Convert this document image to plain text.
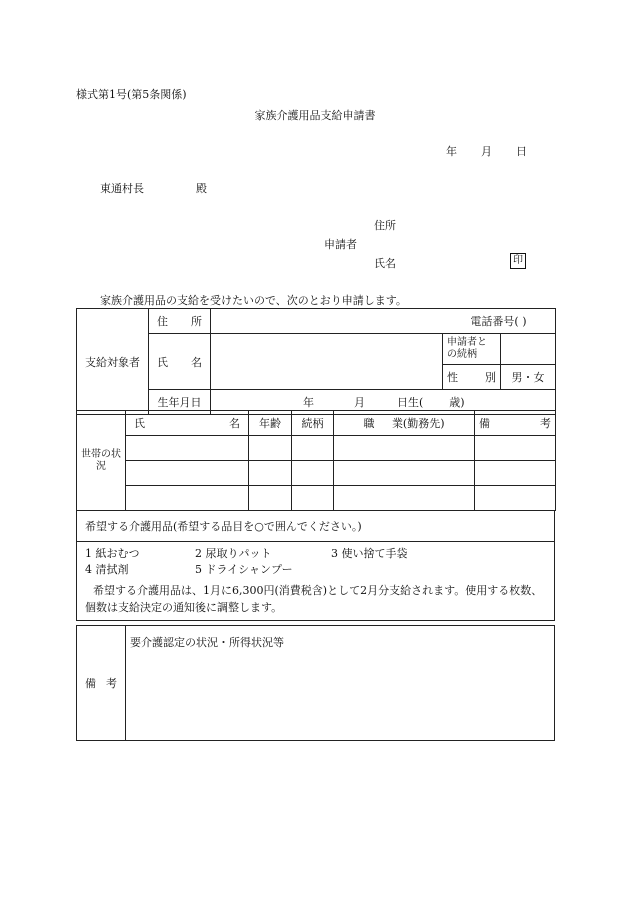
様式第1号(第5条関係)
家族介護用品支給申請書
年 月 日
東通村長	殿
住所
申請者
氏名	印
家族介護用品の支給を受けたいので、次のとおり申請します。
支給対象者	住 所	電話番号( )		

	氏 名		申請者との続柄	

			性 別	男・女
	生年月日	年 月 日生( 歳)		
世帯の状況	氏 名	年齢	続柄	職 業(勤務先)	備 考

希望する介護用品(希望する品目を○で囲んでください。)

1 紙おむつ	2 尿取りパット	3 使い捨て手袋
4 清拭剤	5 ドライシャンプー
希望する介護用品は、1月に6,300円(消費税含)として2月分支給されます。使用する枚数、個数は支給決定の通知後に調整します。
備 考
	要介護認定の状況・所得状況等
